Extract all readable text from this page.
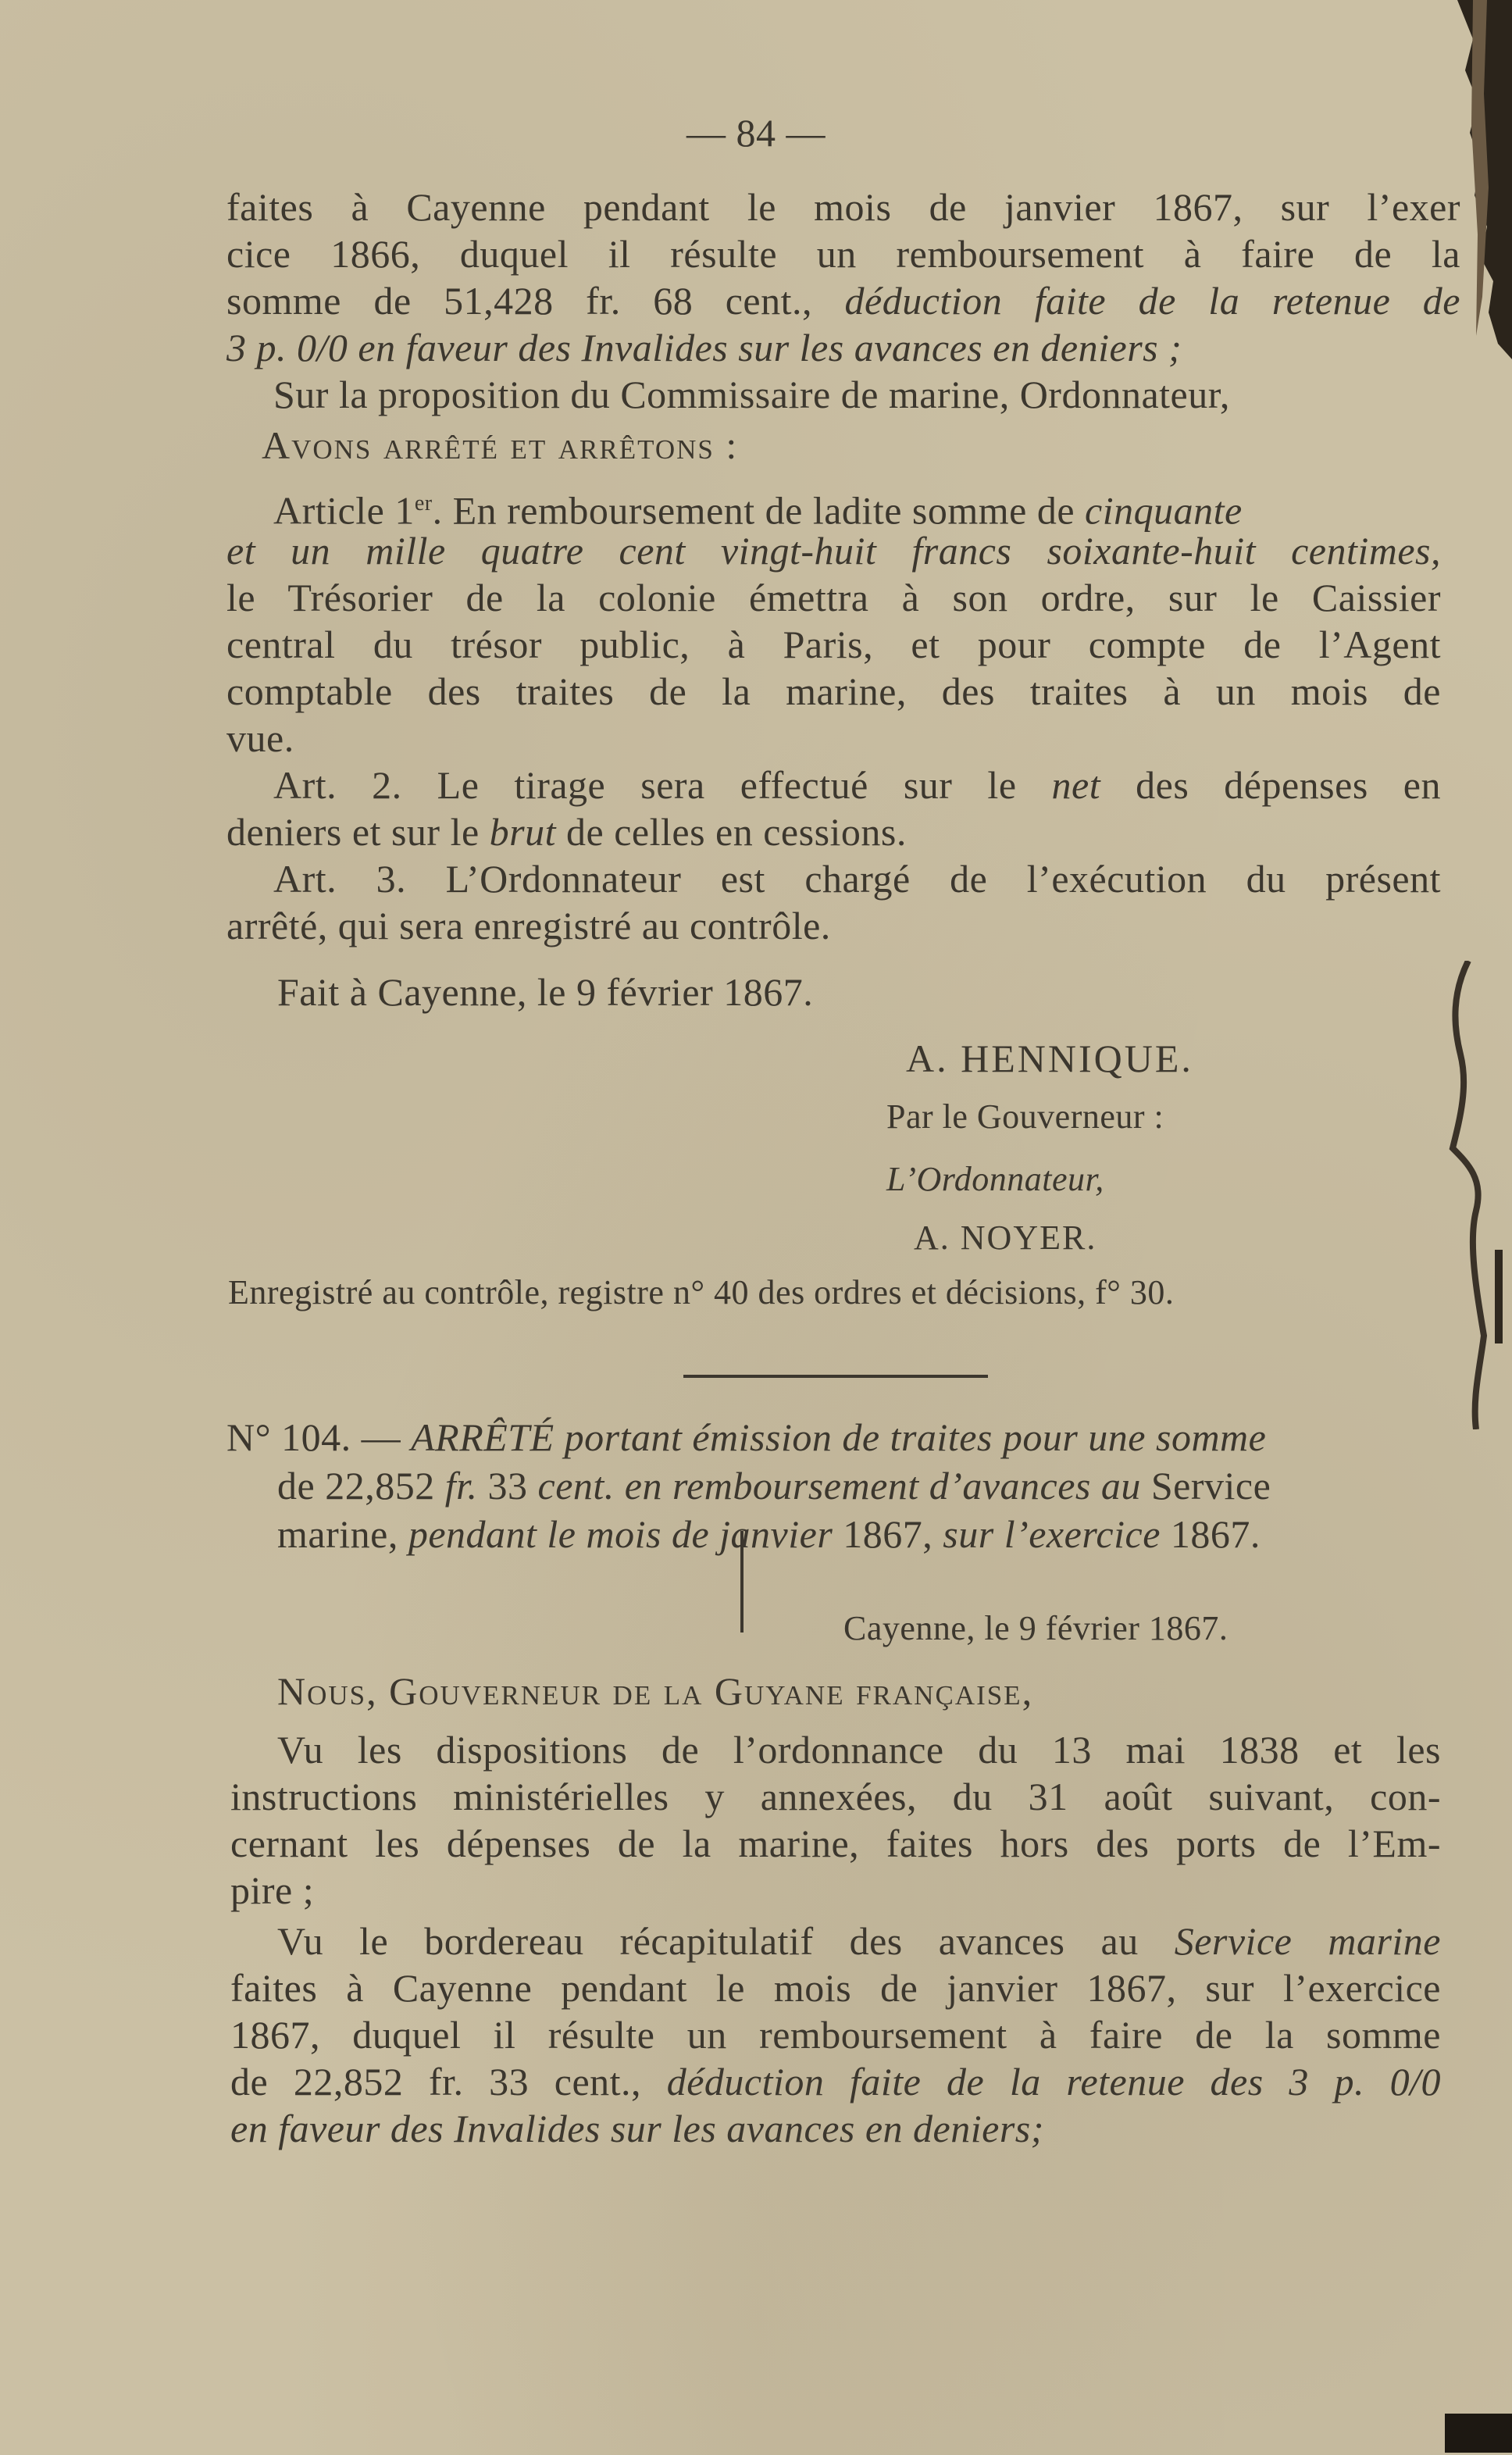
— 84 —
faites à Cayenne pendant le mois de janvier 1867, sur l’exer
cice 1866, duquel il résulte un remboursement à faire de la
somme de 51,428 fr. 68 cent., déduction faite de la retenue de
3 p. 0/0 en faveur des Invalides sur les avances en deniers ;
Sur la proposition du Commissaire de marine, Ordonnateur,
Avons arrêté et arrêtons :
Article 1er. En remboursement de ladite somme de cinquante
et un mille quatre cent vingt-huit francs soixante-huit centimes,
le Trésorier de la colonie émettra à son ordre, sur le Caissier
central du trésor public, à Paris, et pour compte de l’Agent
comptable des traites de la marine, des traites à un mois de
vue.
Art. 2. Le tirage sera effectué sur le net des dépenses en
deniers et sur le brut de celles en cessions.
Art. 3. L’Ordonnateur est chargé de l’exécution du présent
arrêté, qui sera enregistré au contrôle.
Fait à Cayenne, le 9 février 1867.
A. HENNIQUE.
Par le Gouverneur :
L’Ordonnateur,
A. NOYER.
Enregistré au contrôle, registre n° 40 des ordres et décisions, f° 30.
N° 104. — ARRÊTÉ portant émission de traites pour une somme
de 22,852 fr. 33 cent. en remboursement d’avances au Service
marine, pendant le mois de janvier 1867, sur l’exercice 1867.
Cayenne, le 9 février 1867.
Nous, Gouverneur de la Guyane française,
Vu les dispositions de l’ordonnance du 13 mai 1838 et les
instructions ministérielles y annexées, du 31 août suivant, con-
cernant les dépenses de la marine, faites hors des ports de l’Em-
pire ;
Vu le bordereau récapitulatif des avances au Service marine
faites à Cayenne pendant le mois de janvier 1867, sur l’exercice
1867, duquel il résulte un remboursement à faire de la somme
de 22,852 fr. 33 cent., déduction faite de la retenue des 3 p. 0/0
en faveur des Invalides sur les avances en deniers;
